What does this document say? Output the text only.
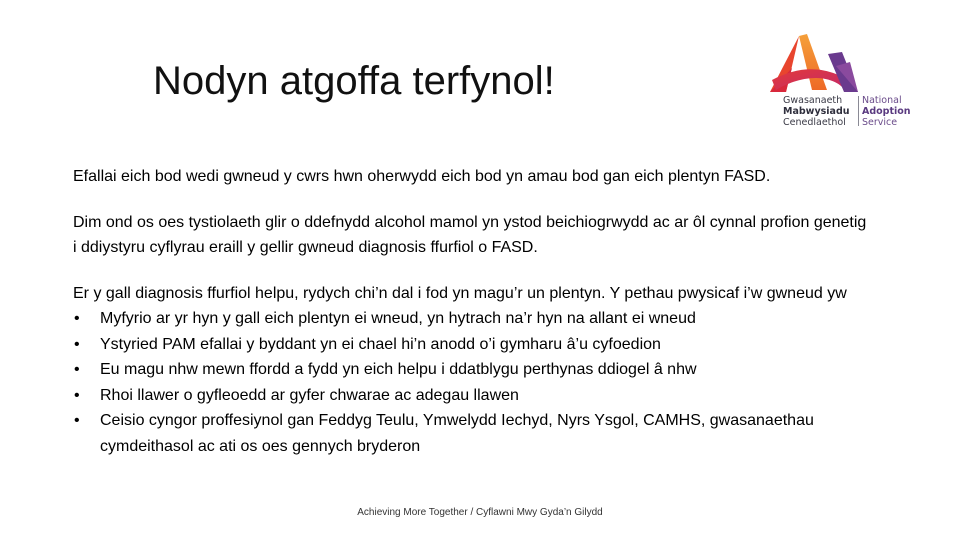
Nodyn atgoffa terfynol!	Gwasanaeth
Mabwysiadu
Cenedlaethol
National
Adoption
Service

Efallai eich bod wedi gwneud y cwrs hwn oherwydd eich bod yn amau bod gan eich plentyn FASD.

Dim ond os oes tystiolaeth glir o ddefnydd alcohol mamol yn ystod beichiogrwydd ac ar ôl cynnal profion genetig i ddiystyru cyflyrau eraill y gellir gwneud diagnosis ffurfiol o FASD.

Er y gall diagnosis ffurfiol helpu, rydych chi’n dal i fod yn magu’r un plentyn. Y pethau pwysicaf i’w gwneud yw

• Myfyrio ar yr hyn y gall eich plentyn ei wneud, yn hytrach na’r hyn na allant ei wneud
• Ystyried PAM efallai y byddant yn ei chael hi’n anodd o’i gymharu â’u cyfoedion
• Eu magu nhw mewn ffordd a fydd yn eich helpu i ddatblygu perthynas ddiogel â nhw
• Rhoi llawer o gyfleoedd ar gyfer chwarae ac adegau llawen
• Ceisio cyngor proffesiynol gan Feddyg Teulu, Ymwelydd Iechyd, Nyrs Ysgol, CAMHS, gwasanaethau cymdeithasol ac ati os oes gennych bryderon
Achieving More Together / Cyflawni Mwy Gyda’n Gilydd
